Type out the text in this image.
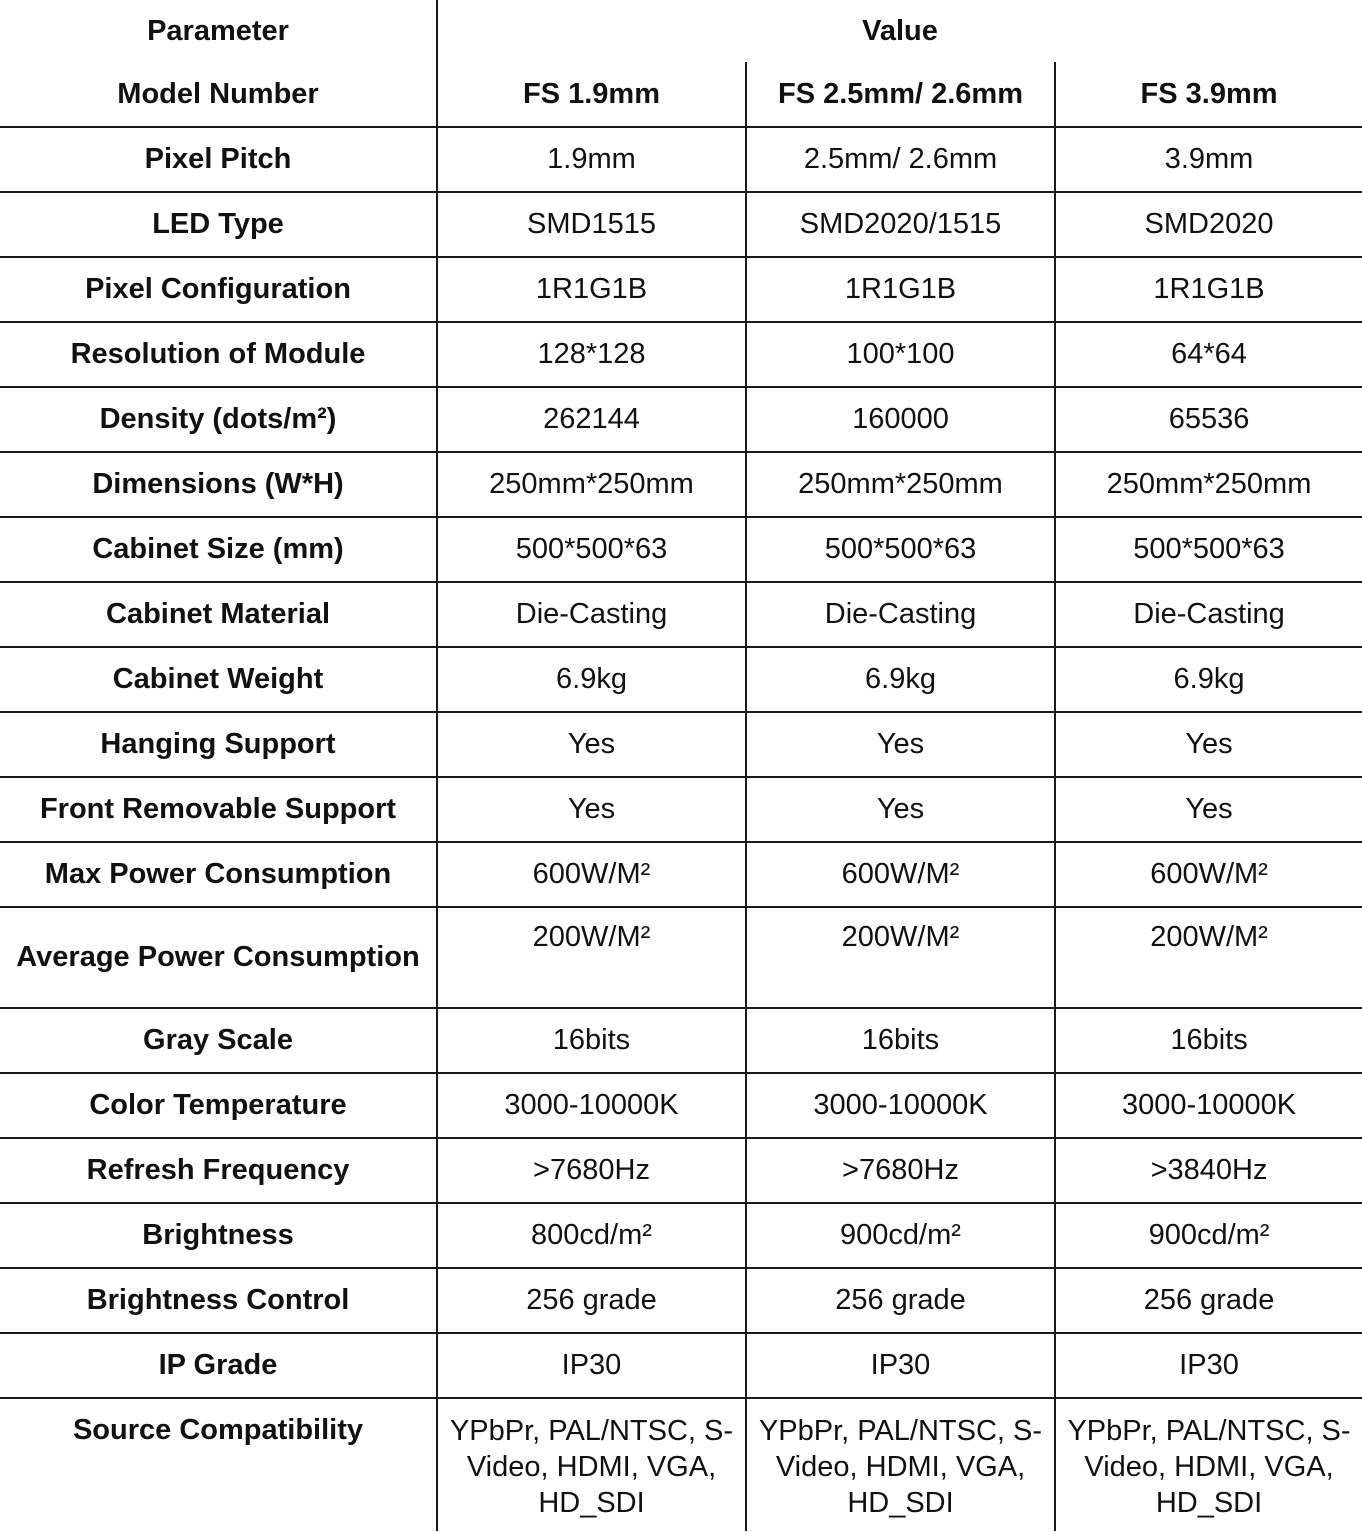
Parameter	Value		
Model Number	FS 1.9mm	FS 2.5mm/ 2.6mm	FS 3.9mm
Pixel Pitch	1.9mm	2.5mm/ 2.6mm	3.9mm
LED Type	SMD1515	SMD2020/1515	SMD2020
Pixel Configuration	1R1G1B	1R1G1B	1R1G1B
Resolution of Module	128*128	100*100	64*64
Density (dots/m²)	262144	160000	65536
Dimensions (W*H)	250mm*250mm	250mm*250mm	250mm*250mm
Cabinet Size (mm)	500*500*63	500*500*63	500*500*63
Cabinet Material	Die-Casting	Die-Casting	Die-Casting
Cabinet Weight	6.9kg	6.9kg	6.9kg
Hanging Support	Yes	Yes	Yes
Front Removable Support	Yes	Yes	Yes
Max Power Consumption	600W/M²	600W/M²	600W/M²
Average Power Consumption	200W/M²	200W/M²	200W/M²
Gray Scale	16bits	16bits	16bits
Color Temperature	3000-10000K	3000-10000K	3000-10000K
Refresh Frequency	>7680Hz	>7680Hz	>3840Hz
Brightness	800cd/m²	900cd/m²	900cd/m²
Brightness Control	256 grade	256 grade	256 grade
IP Grade	IP30	IP30	IP30
Source Compatibility	YPbPr, PAL/NTSC, S-Video, HDMI, VGA, HD_SDI	YPbPr, PAL/NTSC, S-Video, HDMI, VGA, HD_SDI	YPbPr, PAL/NTSC, S-Video, HDMI, VGA, HD_SDI
